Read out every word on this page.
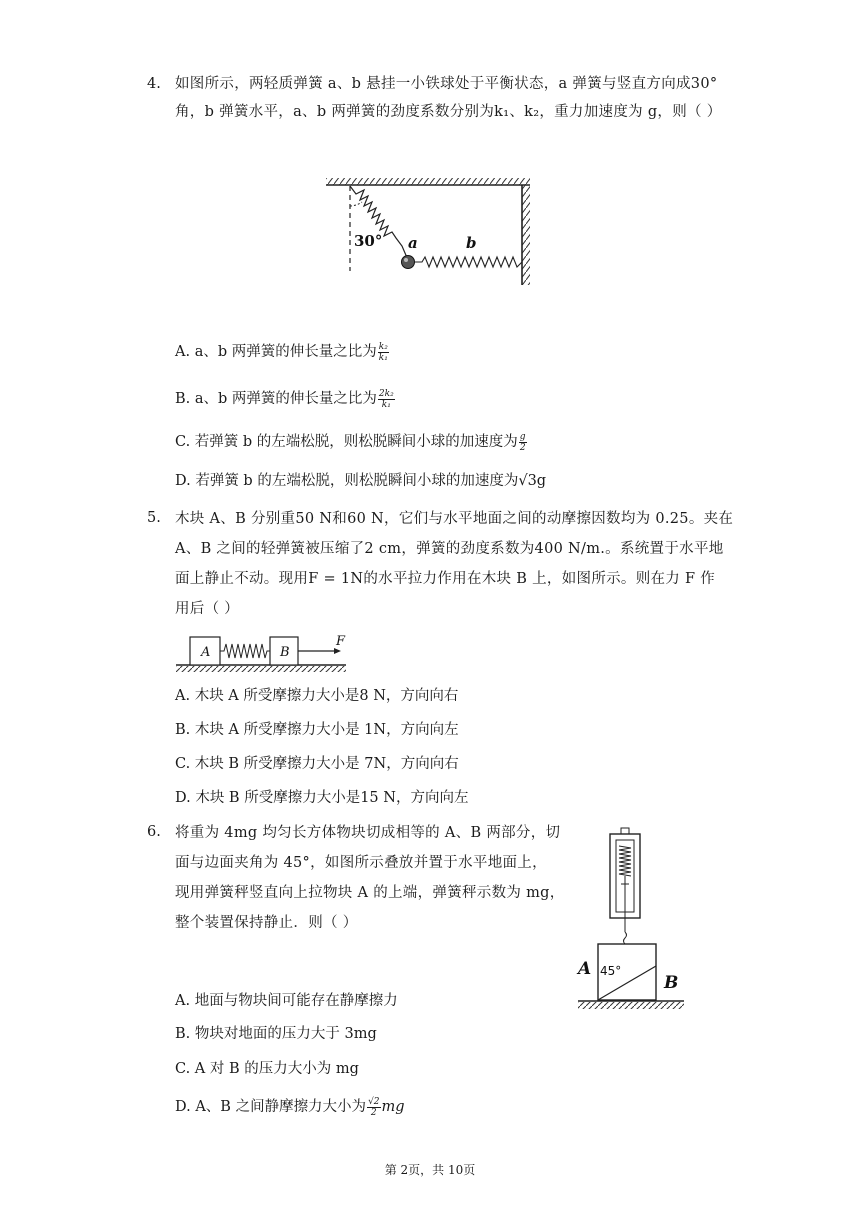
4. 如图所示，两轻质弹簧 a、b 悬挂一小铁球处于平衡状态，a 弹簧与竖直方向成30°
角，b 弹簧水平，a、b 两弹簧的劲度系数分别为k₁、k₂，重力加速度为 g，则（ ）
30° a	b
A. a、b 两弹簧的伸长量之比为 $\frac{\text{k₂}}{\text{k₁}}$
B. a、b 两弹簧的伸长量之比为 $\frac{\text{2k₂}}{\text{k₁}}$
C. 若弹簧 b 的左端松脱，则松脱瞬间小球的加速度为 $\frac{g}{2}$
D. 若弹簧 b 的左端松脱，则松脱瞬间小球的加速度为√3g
5. 木块 A、B 分别重50 N和60 N，它们与水平地面之间的动摩擦因数均为 0.25。夹在
A、B 之间的轻弹簧被压缩了2 cm，弹簧的劲度系数为400 N/m.。系统置于水平地
面上静止不动。现用F = 1N的水平拉力作用在木块 B 上，如图所示。则在力 F 作
用后（ ）
A	B
F
A. 木块 A 所受摩擦力大小是8 N，方向向右
B. 木块 A 所受摩擦力大小是 1N，方向向左
C. 木块 B 所受摩擦力大小是 7N，方向向右
D. 木块 B 所受摩擦力大小是15 N，方向向左
6. 将重为 4mg 均匀长方体物块切成相等的 A、B 两部分，切
面与边面夹角为 45°，如图所示叠放并置于水平地面上，
现用弹簧秤竖直向上拉物块 A 的上端，弹簧秤示数为 mg，
整个装置保持静止．则（ ）
45°
A
B
A. 地面与物块间可能存在静摩擦力
B. 物块对地面的压力大于 3mg
C. A 对 B 的压力大小为 mg
D. A、B 之间静摩擦力大小为 $\frac{√2}{2}$ mg
第 2页，共 10页
